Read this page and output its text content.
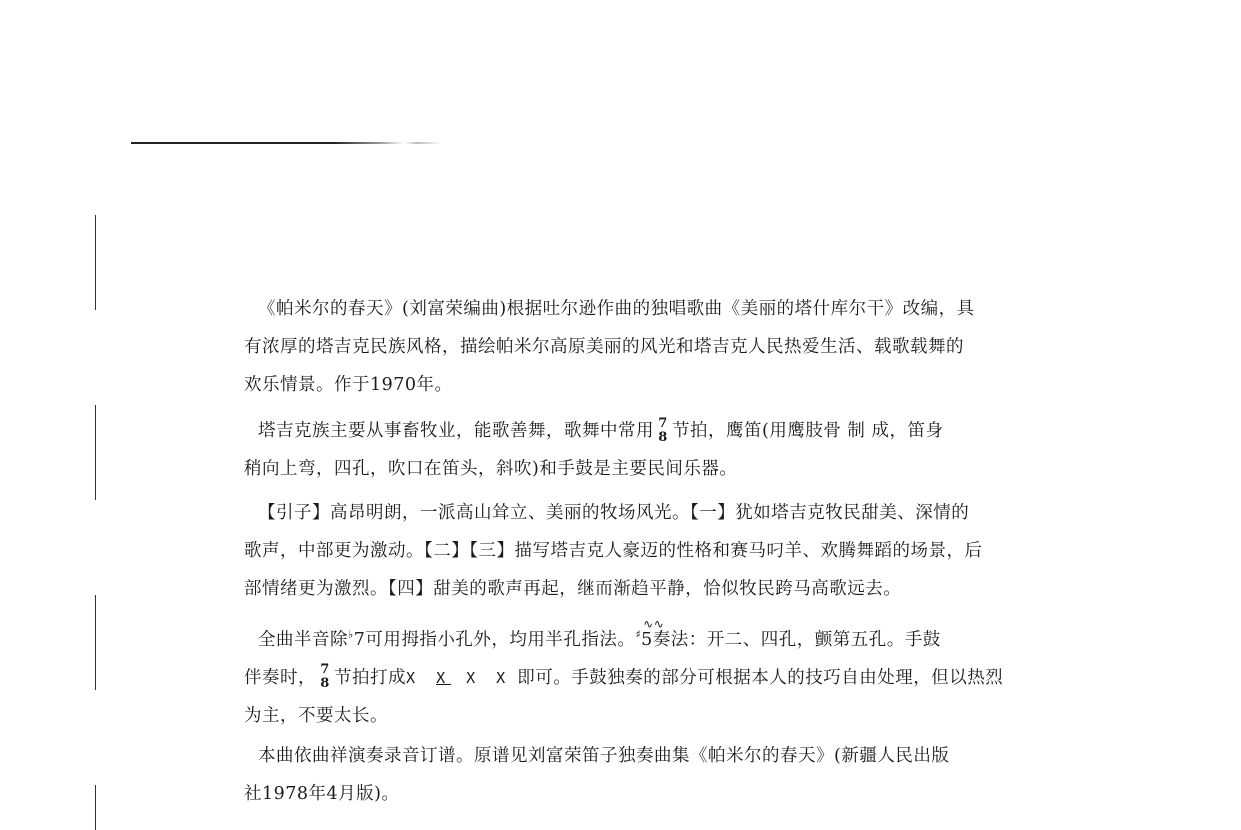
《帕米尔的春天》(刘富荣编曲)根据吐尔逊作曲的独唱歌曲《美丽的塔什库尔干》改编，具
有浓厚的塔吉克民族风格，描绘帕米尔高原美丽的风光和塔吉克人民热爱生活、载歌载舞的
欢乐情景。作于1970年。
塔吉克族主要从事畜牧业，能歌善舞，歌舞中常用 7
8 节拍，鹰笛(用鹰肢骨 制 成，笛身
稍向上弯，四孔，吹口在笛头，斜吹)和手鼓是主要民间乐器。
【引子】高昂明朗，一派高山耸立、美丽的牧场风光。【一】犹如塔吉克牧民甜美、深情的
歌声，中部更为激动。【二】【三】描写塔吉克人豪迈的性格和赛马叼羊、欢腾舞蹈的场景，后
部情绪更为激烈。【四】甜美的歌声再起，继而渐趋平静，恰似牧民跨马高歌远去。
全曲半音除♭7可用拇指小孔外，均用半孔指法。♯
∿∿
5奏法：开二、四孔，颤第五孔。手鼓
伴奏时， 7
8 节拍打成X X X X 即可。手鼓独奏的部分可根据本人的技巧自由处理，但以热烈
为主，不要太长。
本曲依曲祥演奏录音订谱。原谱见刘富荣笛子独奏曲集《帕米尔的春天》(新疆人民出版
社1978年4月版)。
